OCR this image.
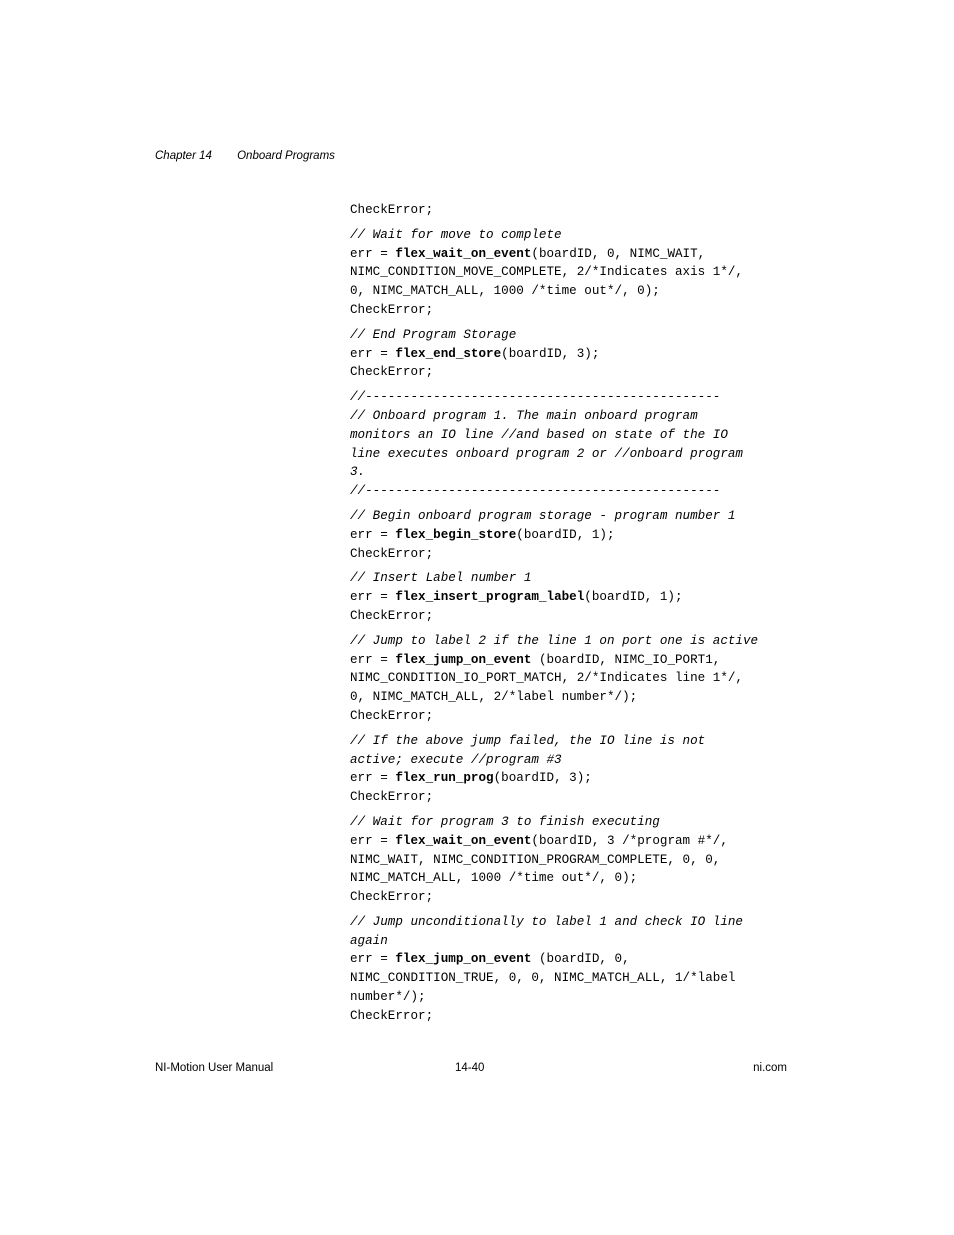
Chapter 14 Onboard Programs
CheckError;
// Wait for move to complete
err = flex_wait_on_event(boardID, 0, NIMC_WAIT,
NIMC_CONDITION_MOVE_COMPLETE, 2/*Indicates axis 1*/,
0, NIMC_MATCH_ALL, 1000 /*time out*/, 0);
CheckError;
// End Program Storage
err = flex_end_store(boardID, 3);
CheckError;
//-----------------------------------------------
// Onboard program 1. The main onboard program
monitors an IO line //and based on state of the IO
line executes onboard program 2 or //onboard program
3.
//-----------------------------------------------
// Begin onboard program storage - program number 1
err = flex_begin_store(boardID, 1);
CheckError;
// Insert Label number 1
err = flex_insert_program_label(boardID, 1);
CheckError;
// Jump to label 2 if the line 1 on port one is active
err = flex_jump_on_event (boardID, NIMC_IO_PORT1,
NIMC_CONDITION_IO_PORT_MATCH, 2/*Indicates line 1*/,
0, NIMC_MATCH_ALL, 2/*label number*/);
CheckError;
// If the above jump failed, the IO line is not
active; execute //program #3
err = flex_run_prog(boardID, 3);
CheckError;
// Wait for program 3 to finish executing
err = flex_wait_on_event(boardID, 3 /*program #*/,
NIMC_WAIT, NIMC_CONDITION_PROGRAM_COMPLETE, 0, 0,
NIMC_MATCH_ALL, 1000 /*time out*/, 0);
CheckError;
// Jump unconditionally to label 1 and check IO line
again
err = flex_jump_on_event (boardID, 0,
NIMC_CONDITION_TRUE, 0, 0, NIMC_MATCH_ALL, 1/*label
number*/);
CheckError;
NI-Motion User Manual	14-40	ni.com
